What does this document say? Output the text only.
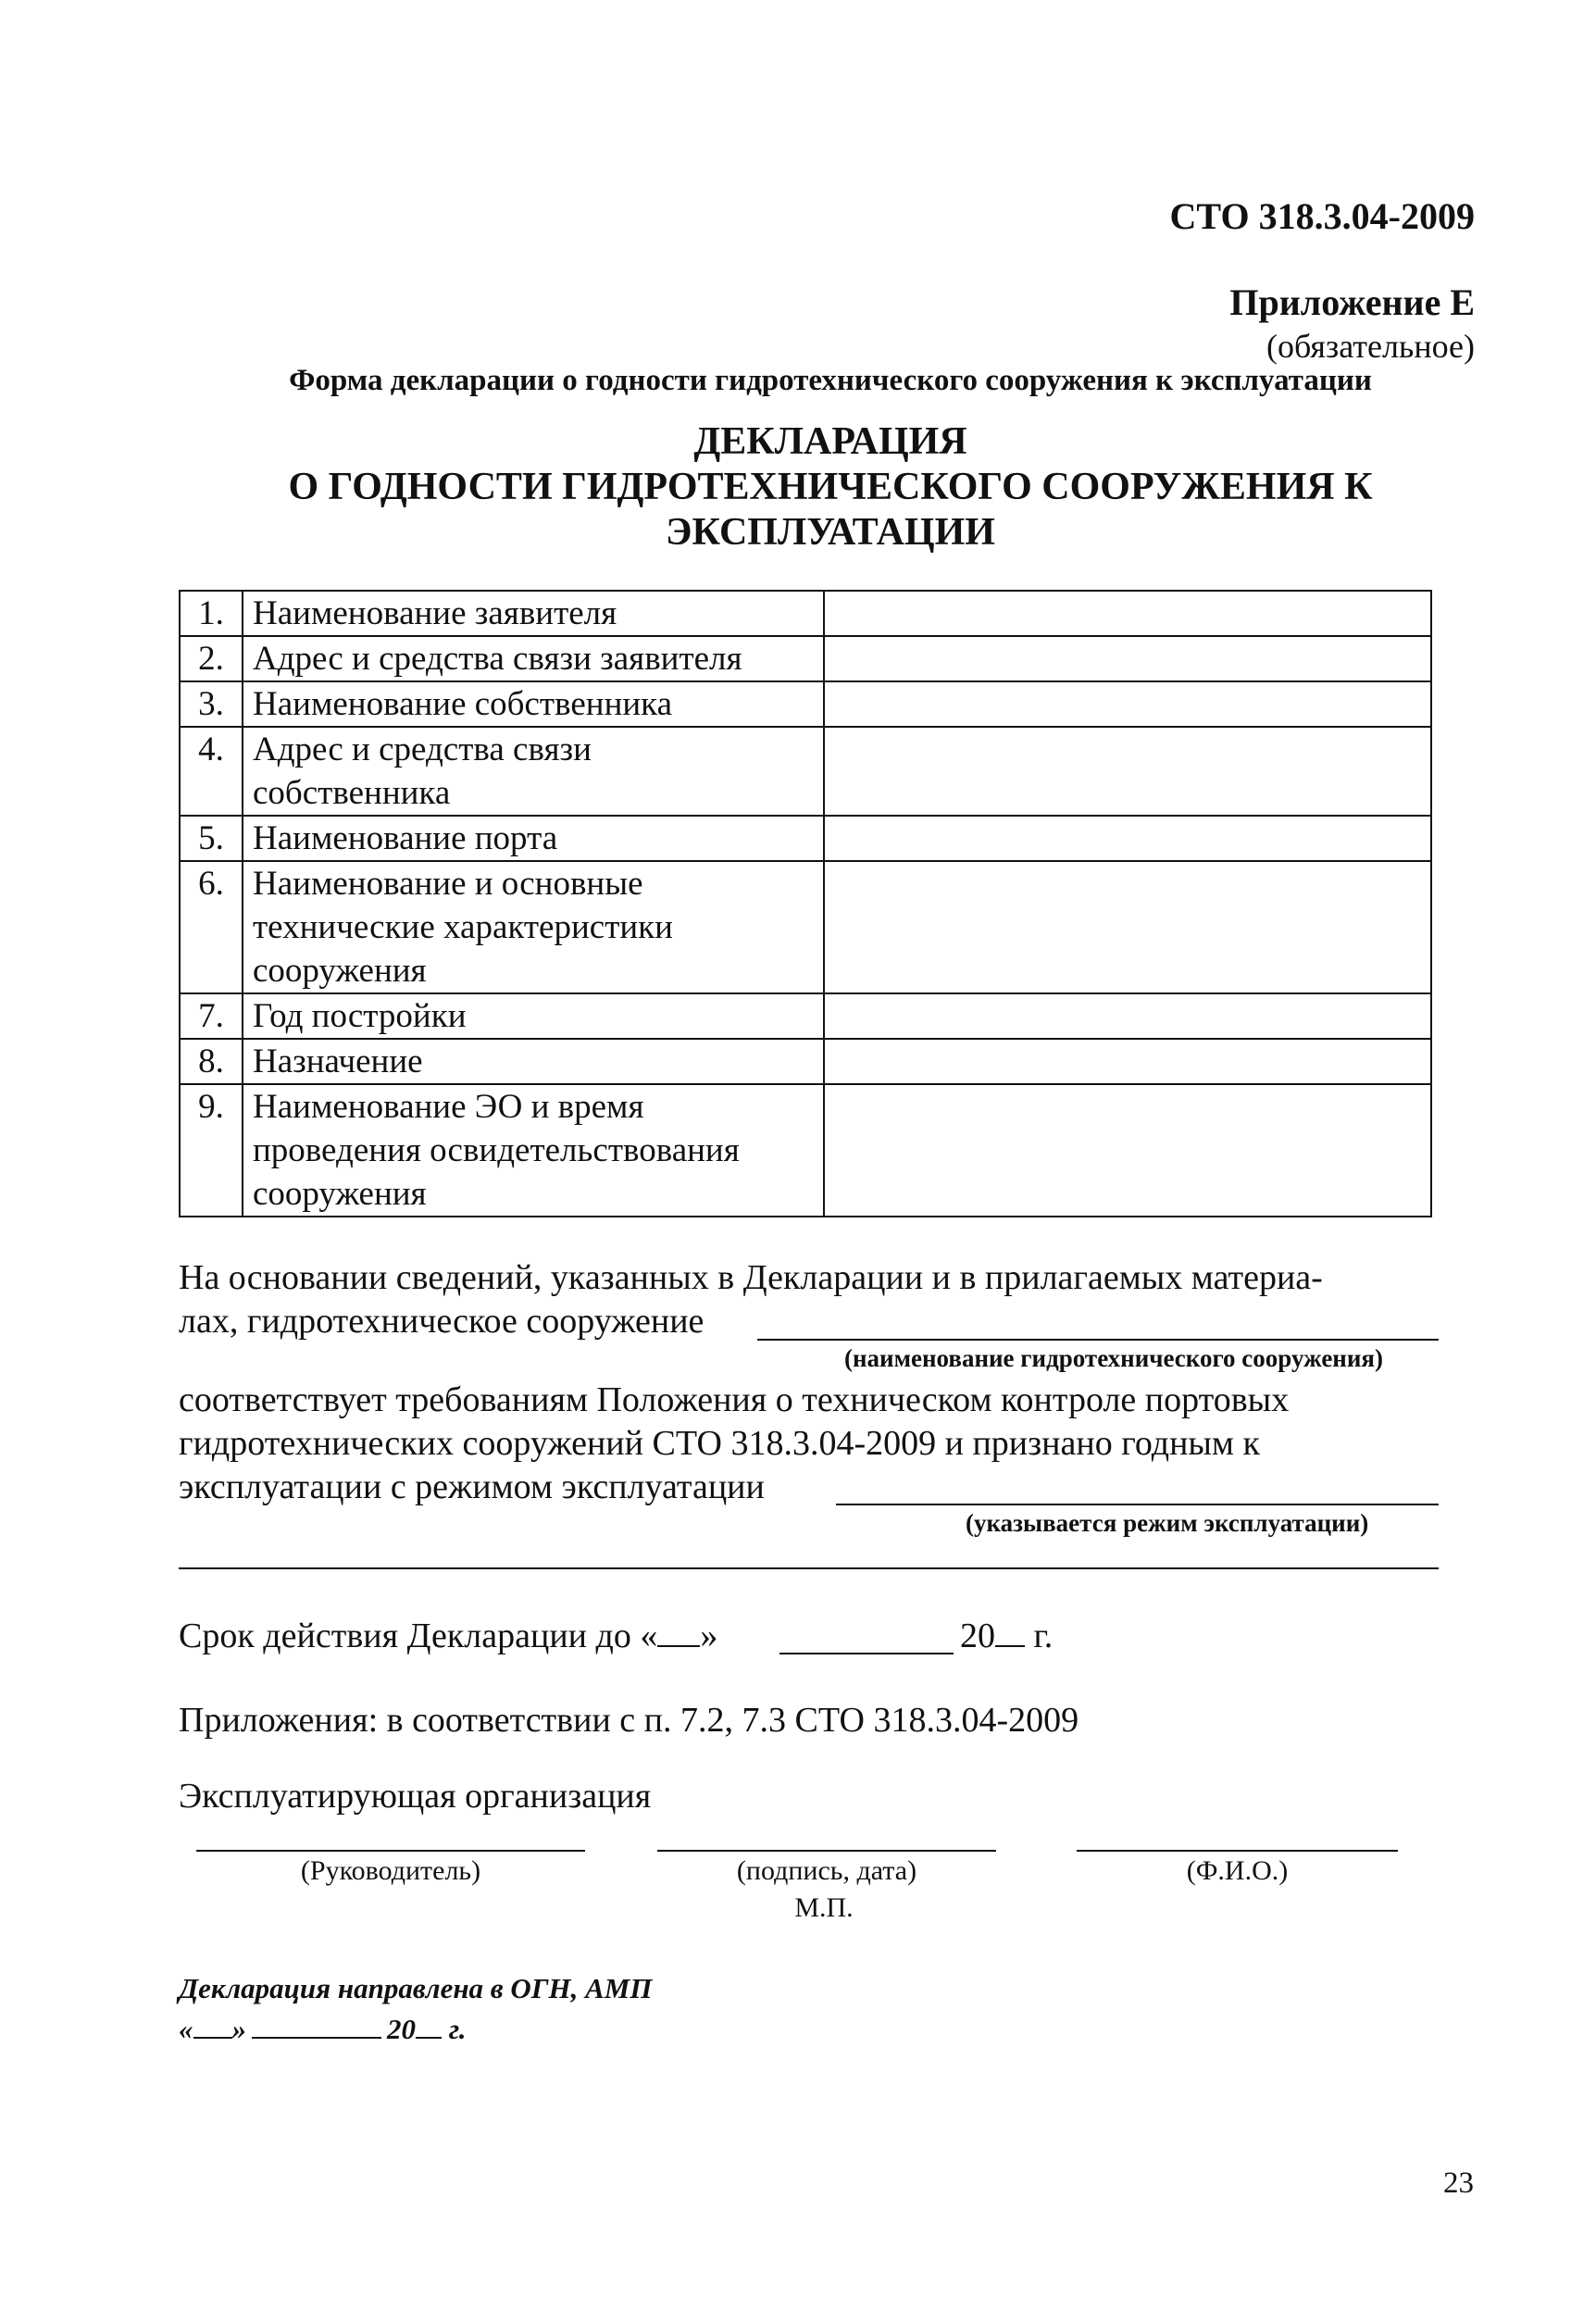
СТО 318.3.04-2009
Приложение Е
(обязательное)
Форма декларации о годности гидротехнического сооружения к эксплуатации
ДЕКЛАРАЦИЯ
О ГОДНОСТИ ГИДРОТЕХНИЧЕСКОГО СООРУЖЕНИЯ К
ЭКСПЛУАТАЦИИ
1.	Наименование заявителя	

2.	Адрес и средства связи заявителя	

3.	Наименование собственника	

4.	Адрес и средства связи
собственника	

5.	Наименование порта	

6.	Наименование и основные
технические характеристики
сооружения	

7.	Год постройки	

8.	Назначение	

9.	Наименование ЭО и время
проведения освидетельствования
сооружения	

На основании сведений, указанных в Декларации и в прилагаемых материа-
лах, гидротехническое сооружение
(наименование гидротехнического сооружения)
соответствует требованиям Положения о техническом контроле портовых
гидротехнических сооружений СТО 318.3.04-2009 и признано годным к
эксплуатации с режимом эксплуатации
(указывается режим эксплуатации)
Срок действия Декларации до « »	20 г.
Приложения: в соответствии с п. 7.2, 7.3 СТО 318.3.04-2009
Эксплуатирующая организация
(Руководитель)	(подпись, дата)	(Ф.И.О.)
М.П.
Декларация направлена в ОГН, АМП
« »	20 г.
23
